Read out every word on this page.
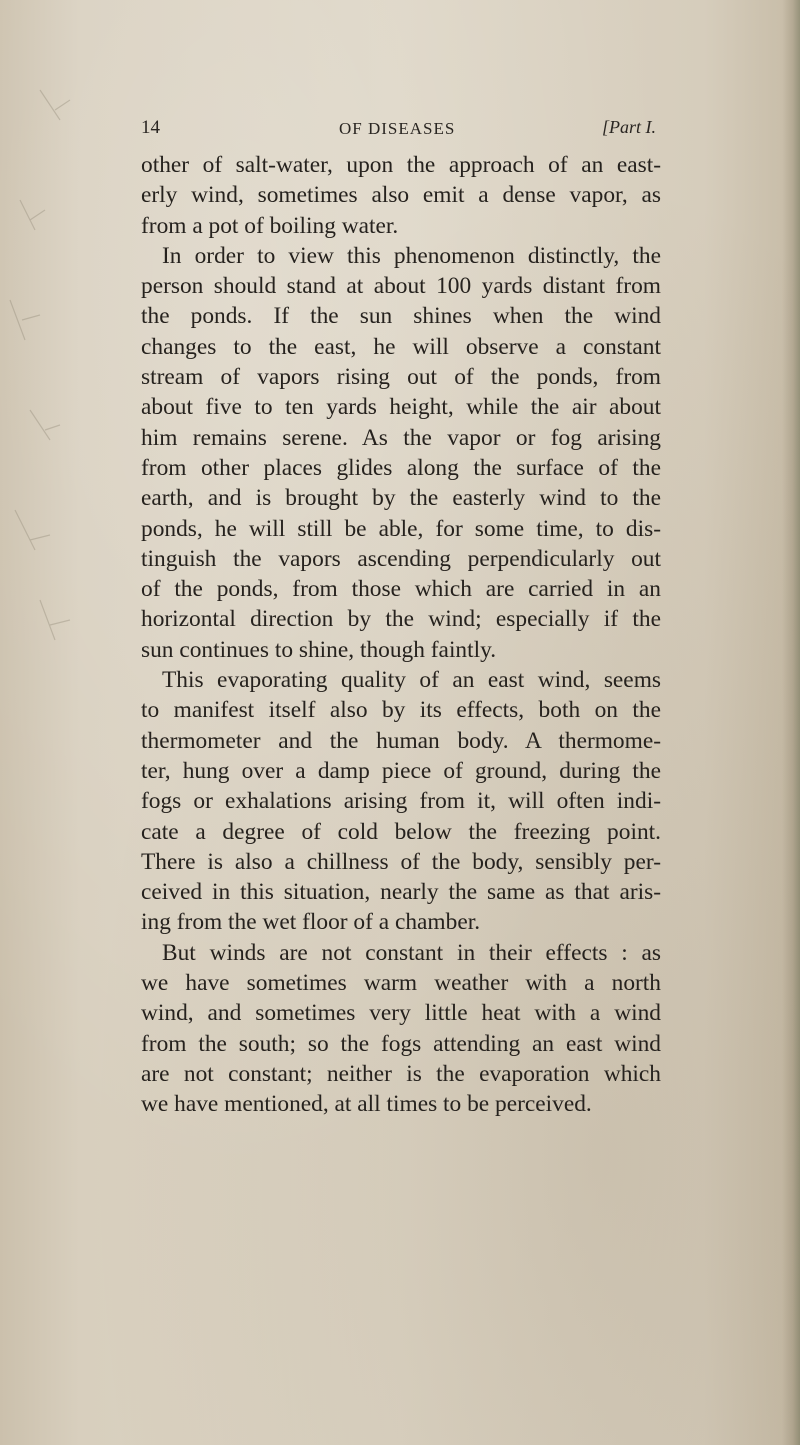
14	OF DISEASES	[Part I.
other of salt-water, upon the approach of an east-
erly wind, sometimes also emit a dense vapor, as
from a pot of boiling water.
In order to view this phenomenon distinctly, the
person should stand at about 100 yards distant from
the ponds. If the sun shines when the wind
changes to the east, he will observe a constant
stream of vapors rising out of the ponds, from
about five to ten yards height, while the air about
him remains serene. As the vapor or fog arising
from other places glides along the surface of the
earth, and is brought by the easterly wind to the
ponds, he will still be able, for some time, to dis-
tinguish the vapors ascending perpendicularly out
of the ponds, from those which are carried in an
horizontal direction by the wind; especially if the
sun continues to shine, though faintly.
This evaporating quality of an east wind, seems
to manifest itself also by its effects, both on the
thermometer and the human body. A thermome-
ter, hung over a damp piece of ground, during the
fogs or exhalations arising from it, will often indi-
cate a degree of cold below the freezing point.
There is also a chillness of the body, sensibly per-
ceived in this situation, nearly the same as that aris-
ing from the wet floor of a chamber.
But winds are not constant in their effects : as
we have sometimes warm weather with a north
wind, and sometimes very little heat with a wind
from the south; so the fogs attending an east wind
are not constant; neither is the evaporation which
we have mentioned, at all times to be perceived.
